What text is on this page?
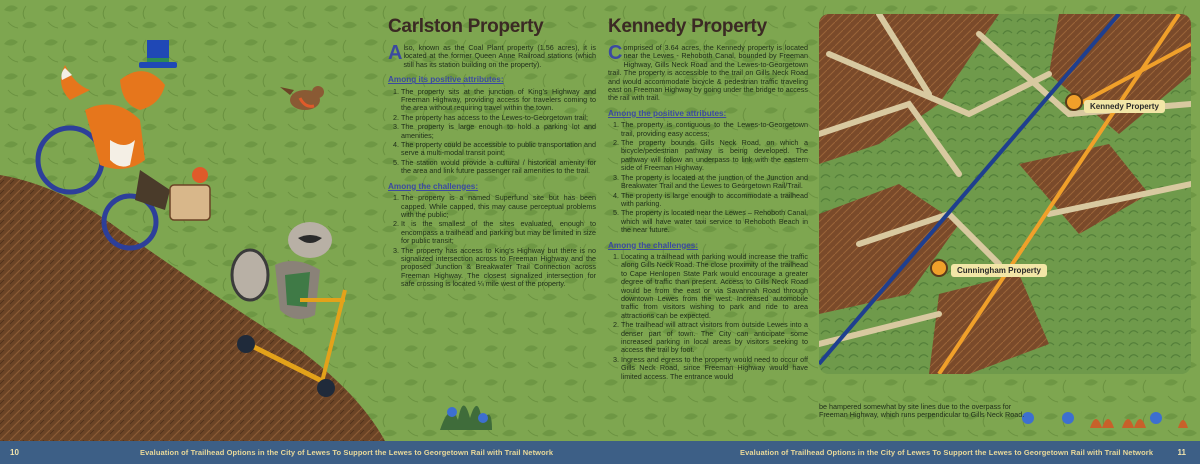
Carlston Property

Also, known as the Coal Plant property (1.56 acres), it is located at the former Queen Anne Railroad stations (which still has its station building on the property).

Among its positive attributes:
1. The property sits at the junction of King’s Highway and Freeman Highway, providing access for travelers coming to the area without requiring travel within the town.
2. The property has access to the Lewes-to-Georgetown trail;
3. The property is large enough to hold a parking lot and amenities;
4. The property could be accessible to public transportation and serve a multi-modal transit point;
5. The station would provide a cultural / historical amenity for the area and link future passenger rail amenities to the trail.
Among the challenges:
1. The property is a named Superfund site but has been capped. While capped, this may cause perceptual problems with the public;
2. It is the smallest of the sites evaluated, enough to encompass a trailhead and parking but may be limited in size for public transit;
3. The property has access to King’s Highway but there is no signalized intersection across to Freeman Highway and the proposed Junction & Breakwater Trail Connection across Freeman Highway. The closest signalized intersection for safe crossing is located ¼ mile west of the property.
Kennedy Property

Comprised of 3.64 acres, the Kennedy property is located near the Lewes - Rehoboth Canal, bounded by Freeman Highway, Gills Neck Road and the Lewes-to-Georgetown trail. The property is accessible to the trail on Gills Neck Road and would accommodate bicycle & pedestrian traffic traveling east on Freeman Highway by going under the bridge to access the rail with trail.

Among the positive attributes:
1. The property is contiguous to the Lewes-to-Georgetown trail, providing easy access;
2. The property bounds Gills Neck Road, on which a bicycle/pedestrian pathway is being developed. The pathway will follow an underpass to link with the eastern side of Freeman Highway.
3. The property is located at the junction of the Junction and Breakwater Trail and the Lewes to Georgetown Rail/Trail.
4. The property is large enough to accommodate a trailhead with parking.
5. The property is located near the Lewes – Rehoboth Canal, which will have water taxi service to Rehoboth Beach in the near future.
Among the challenges:
1. Locating a trailhead with parking would increase the traffic along Gills Neck Road. The close proximity of the trailhead to Cape Henlopen State Park would encourage a greater degree of traffic than present. Access to Gills Neck Road would be from the east or via Savannah Road through downtown Lewes from the west. Increased automobile traffic from visitors wishing to park and ride to area attractions can be expected.
2. The trailhead will attract visitors from outside Lewes into a denser part of town. The City can anticipate some increased parking in local areas by visitors seeking to access the trail by foot.
3. Ingress and egress to the property would need to occur off Gills Neck Road, since Freeman Highway would have limited access. The entrance would
Kennedy Property
Cunningham Property
be hampered somewhat by site lines due to the overpass for Freeman Highway, which runs perpendicular to Gills Neck Road.
10	Evaluation of Trailhead Options in the City of Lewes To Support the Lewes to Georgetown Rail with Trail Network	Evaluation of Trailhead Options in the City of Lewes To Support the Lewes to Georgetown Rail with Trail Network	11
